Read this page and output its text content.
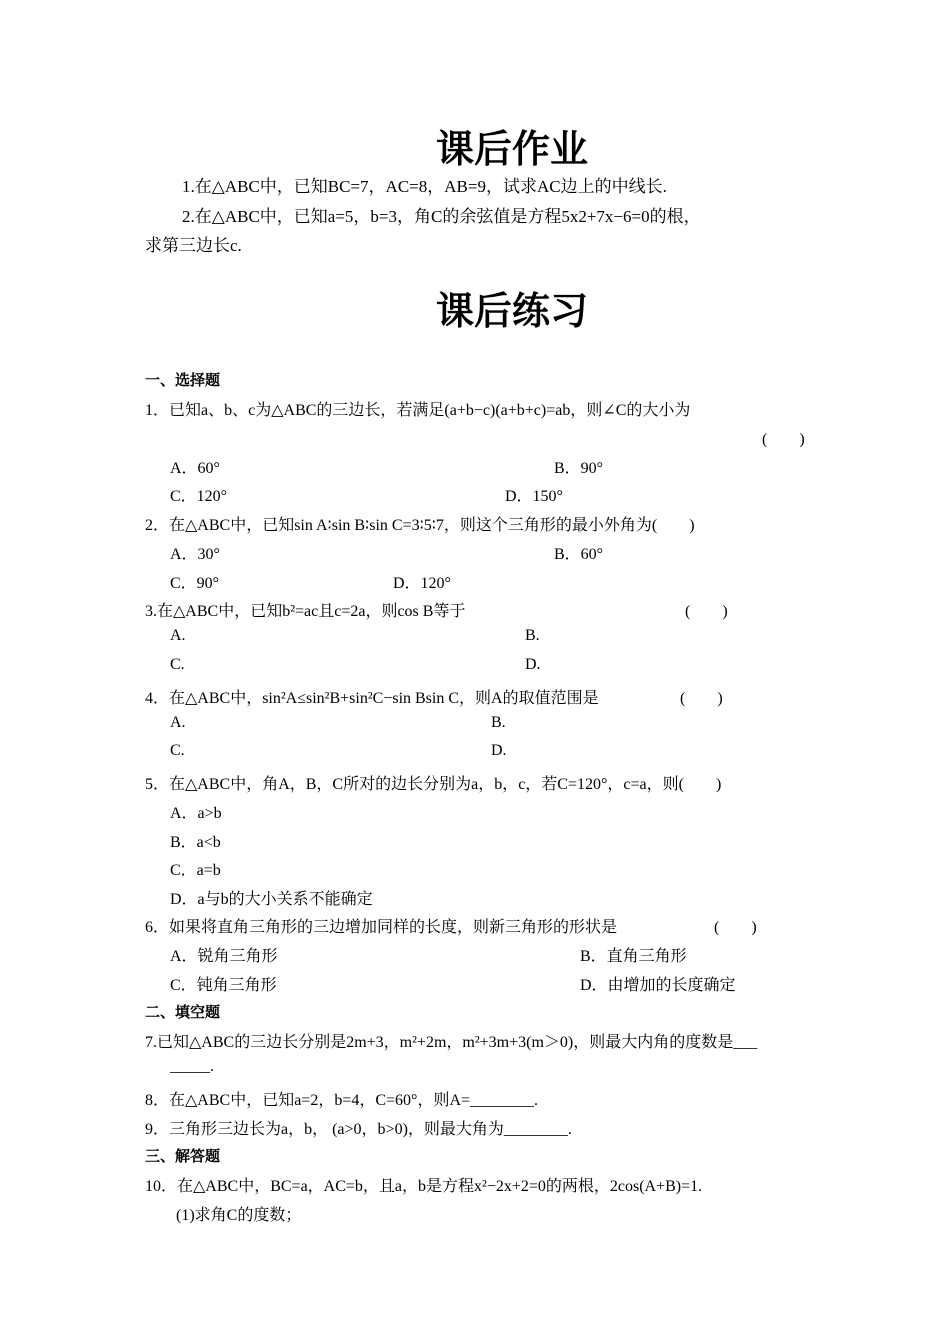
课后作业
1.在△ABC中，已知BC=7，AC=8，AB=9，试求AC边上的中线长.
2.在△ABC中，已知a=5，b=3，角C的余弦值是方程5x2+7x−6=0的根，
求第三边长c.
课后练习
一、选择题
1．已知a、b、c为△ABC的三边长，若满足(a+b−c)(a+b+c)=ab，则∠C的大小为
(　　)
A．60°	B．90°
C．120°	D．150°
2．在△ABC中，已知sin A∶sin B∶sin C=3∶5∶7，则这个三角形的最小外角为(　　)
A．30°	B．60°
C．90°	D．120°
3.在△ABC中，已知b²=ac且c=2a，则cos B等于	(　　)
A.	B.
C.	D.
4．在△ABC中，sin²A≤sin²B+sin²C−sin Bsin C，则A的取值范围是	(　　)
A.	B.
C.	D.
5．在△ABC中，角A，B，C所对的边长分别为a，b，c，若C=120°，c=a，则(　　)
A．a>b
B．a<b
C．a=b
D．a与b的大小关系不能确定
6．如果将直角三角形的三边增加同样的长度，则新三角形的形状是	(　　)
A．锐角三角形	B．直角三角形
C．钝角三角形	D．由增加的长度确定
二、填空题
7.已知△ABC的三边长分别是2m+3，m²+2m，m²+3m+3(m＞0)，则最大内角的度数是___
_____.
8．在△ABC中，已知a=2，b=4，C=60°，则A=________.
9．三角形三边长为a，b， (a>0，b>0)，则最大角为________.
三、解答题
10．在△ABC中，BC=a，AC=b，且a，b是方程x²−2x+2=0的两根，2cos(A+B)=1.
(1)求角C的度数；
